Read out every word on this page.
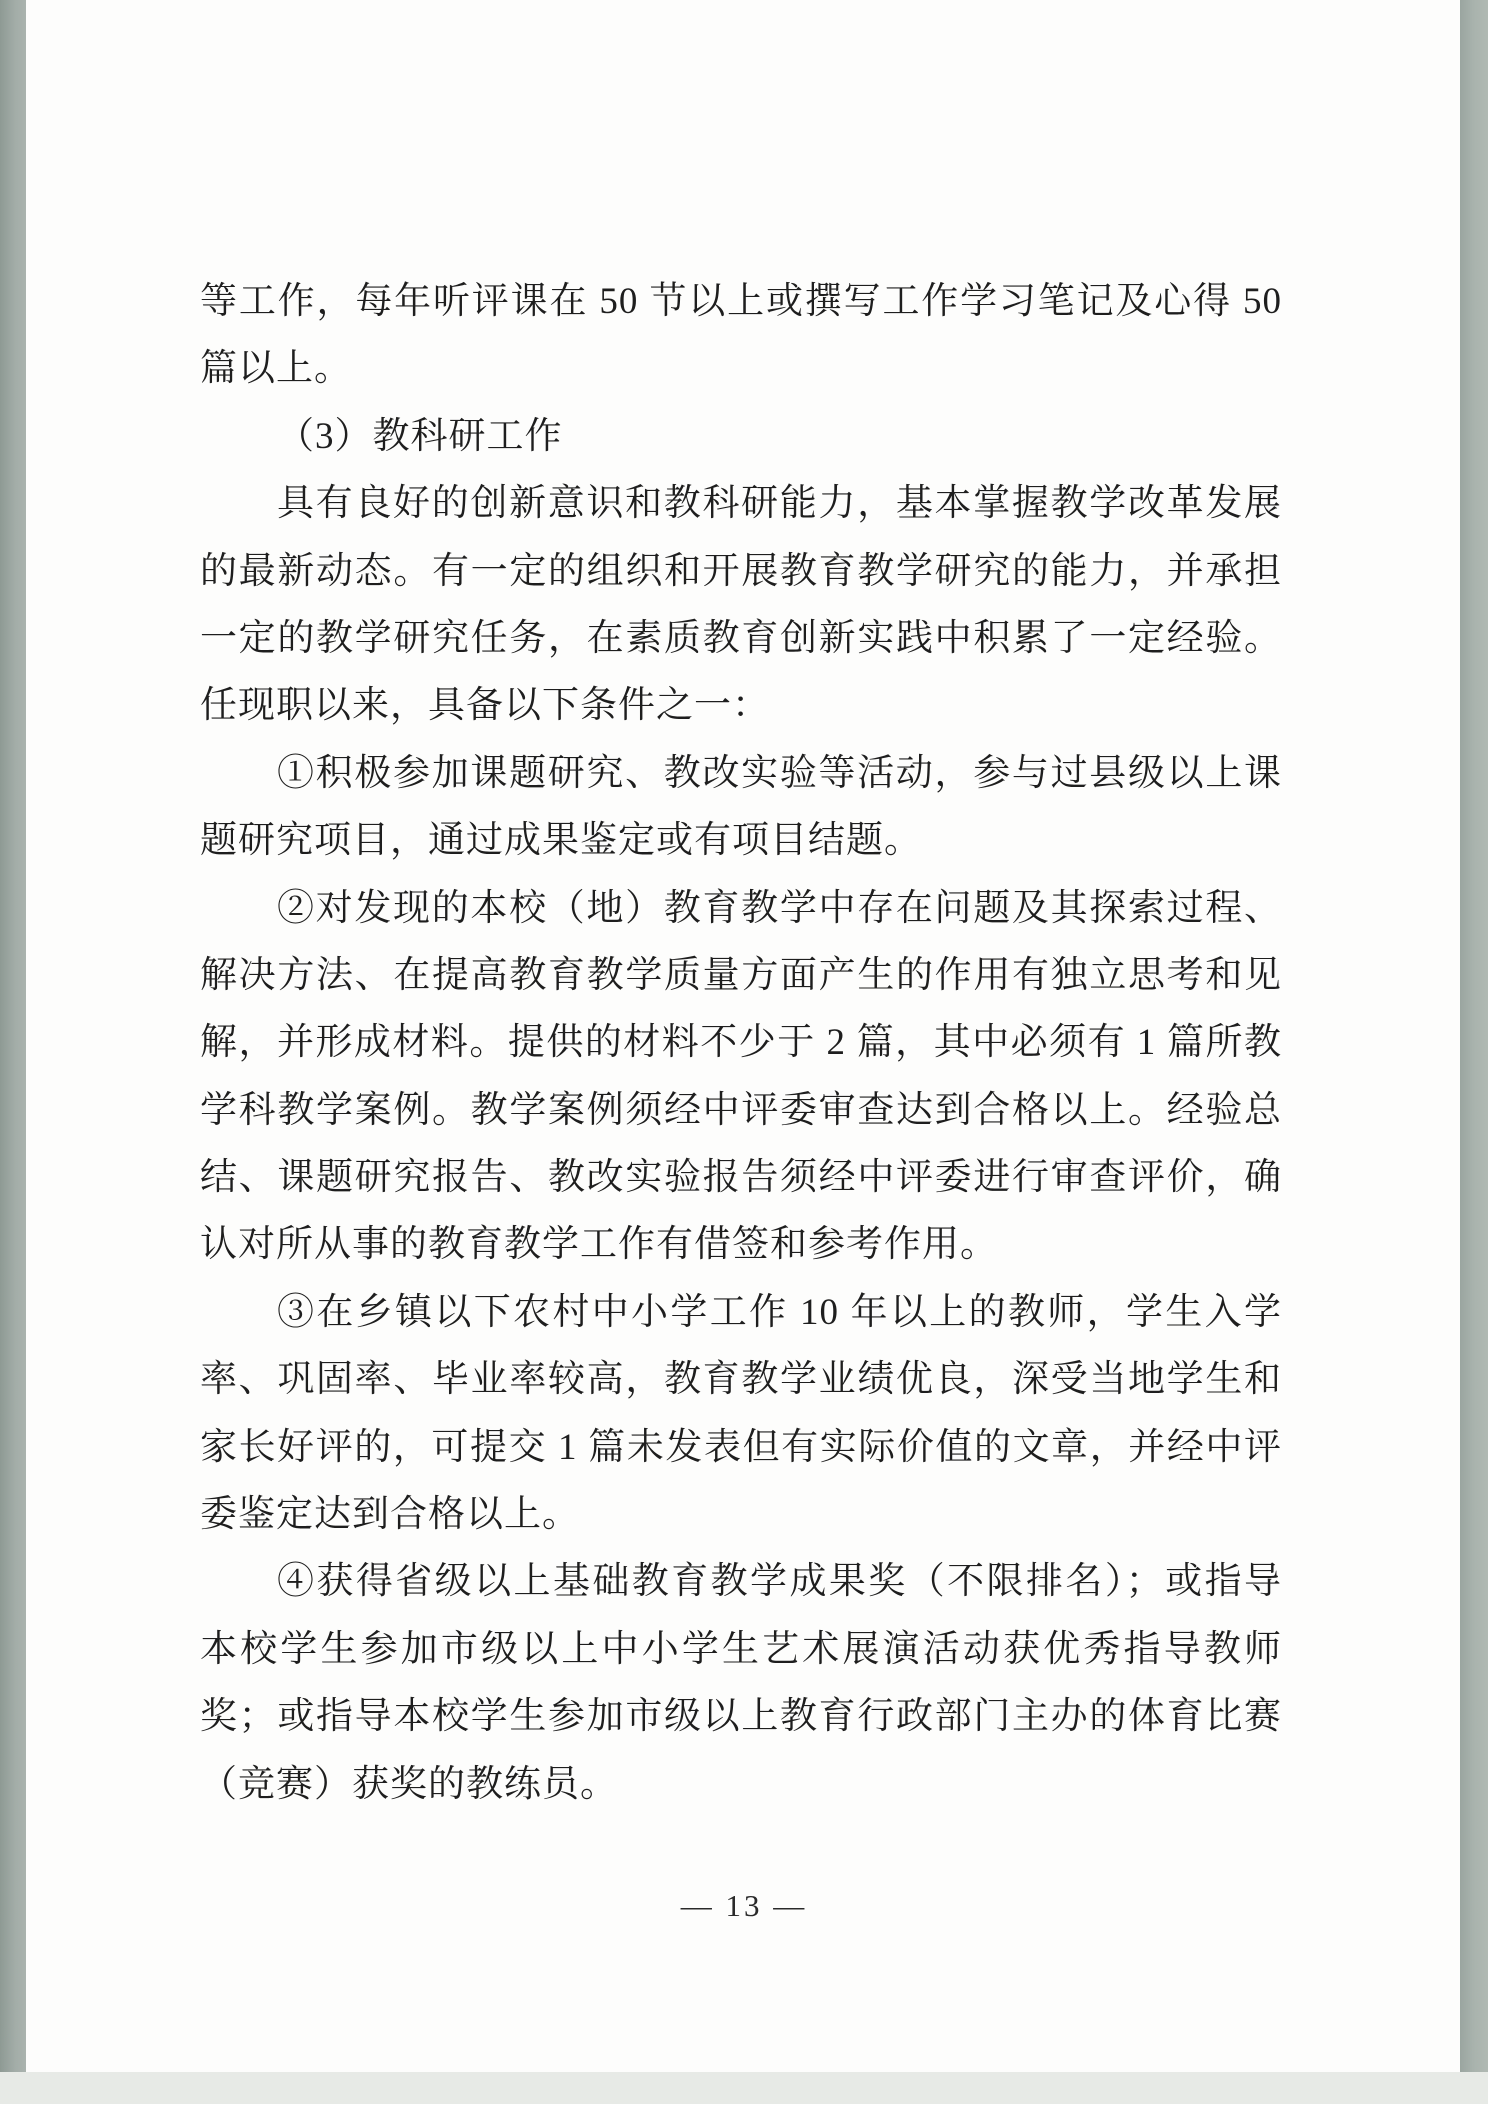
等工作，每年听评课在 50 节以上或撰写工作学习笔记及心得 50
篇以上。
（3）教科研工作
具有良好的创新意识和教科研能力，基本掌握教学改革发展
的最新动态。有一定的组织和开展教育教学研究的能力，并承担
一定的教学研究任务，在素质教育创新实践中积累了一定经验。
任现职以来，具备以下条件之一：
①积极参加课题研究、教改实验等活动，参与过县级以上课
题研究项目，通过成果鉴定或有项目结题。
②对发现的本校（地）教育教学中存在问题及其探索过程、
解决方法、在提高教育教学质量方面产生的作用有独立思考和见
解，并形成材料。提供的材料不少于 2 篇，其中必须有 1 篇所教
学科教学案例。教学案例须经中评委审查达到合格以上。经验总
结、课题研究报告、教改实验报告须经中评委进行审查评价，确
认对所从事的教育教学工作有借签和参考作用。
③在乡镇以下农村中小学工作 10 年以上的教师，学生入学
率、巩固率、毕业率较高，教育教学业绩优良，深受当地学生和
家长好评的，可提交 1 篇未发表但有实际价值的文章，并经中评
委鉴定达到合格以上。
④获得省级以上基础教育教学成果奖（不限排名）；或指导
本校学生参加市级以上中小学生艺术展演活动获优秀指导教师
奖；或指导本校学生参加市级以上教育行政部门主办的体育比赛
（竞赛）获奖的教练员。
— 13 —
